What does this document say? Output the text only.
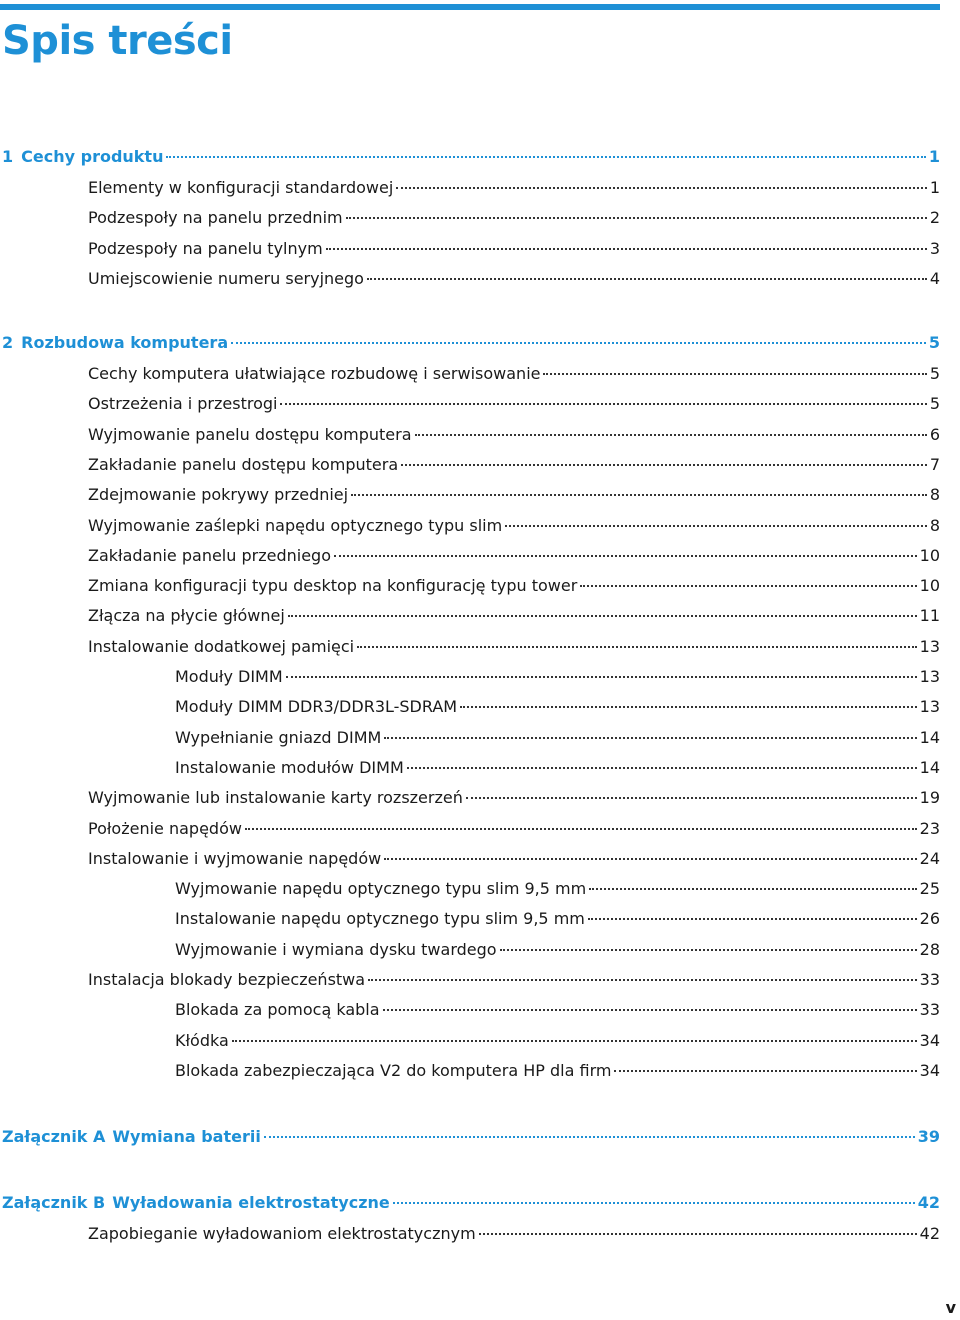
Spis treści
1 Cechy produktu	1
Elementy w konfiguracji standardowej	1
Podzespoły na panelu przednim	2
Podzespoły na panelu tylnym	3
Umiejscowienie numeru seryjnego	4
2 Rozbudowa komputera	5
Cechy komputera ułatwiające rozbudowę i serwisowanie	5
Ostrzeżenia i przestrogi	5
Wyjmowanie panelu dostępu komputera	6
Zakładanie panelu dostępu komputera	7
Zdejmowanie pokrywy przedniej	8
Wyjmowanie zaślepki napędu optycznego typu slim	8
Zakładanie panelu przedniego	10
Zmiana konfiguracji typu desktop na konfigurację typu tower	10
Złącza na płycie głównej	11
Instalowanie dodatkowej pamięci	13
Moduły DIMM	13
Moduły DIMM DDR3/DDR3L-SDRAM	13
Wypełnianie gniazd DIMM	14
Instalowanie modułów DIMM	14
Wyjmowanie lub instalowanie karty rozszerzeń	19
Położenie napędów	23
Instalowanie i wyjmowanie napędów	24
Wyjmowanie napędu optycznego typu slim 9,5 mm	25
Instalowanie napędu optycznego typu slim 9,5 mm	26
Wyjmowanie i wymiana dysku twardego	28
Instalacja blokady bezpieczeństwa	33
Blokada za pomocą kabla	33
Kłódka	34
Blokada zabezpieczająca V2 do komputera HP dla firm	34
Załącznik A Wymiana baterii	39
Załącznik B Wyładowania elektrostatyczne	42
Zapobieganie wyładowaniom elektrostatycznym	42
v
